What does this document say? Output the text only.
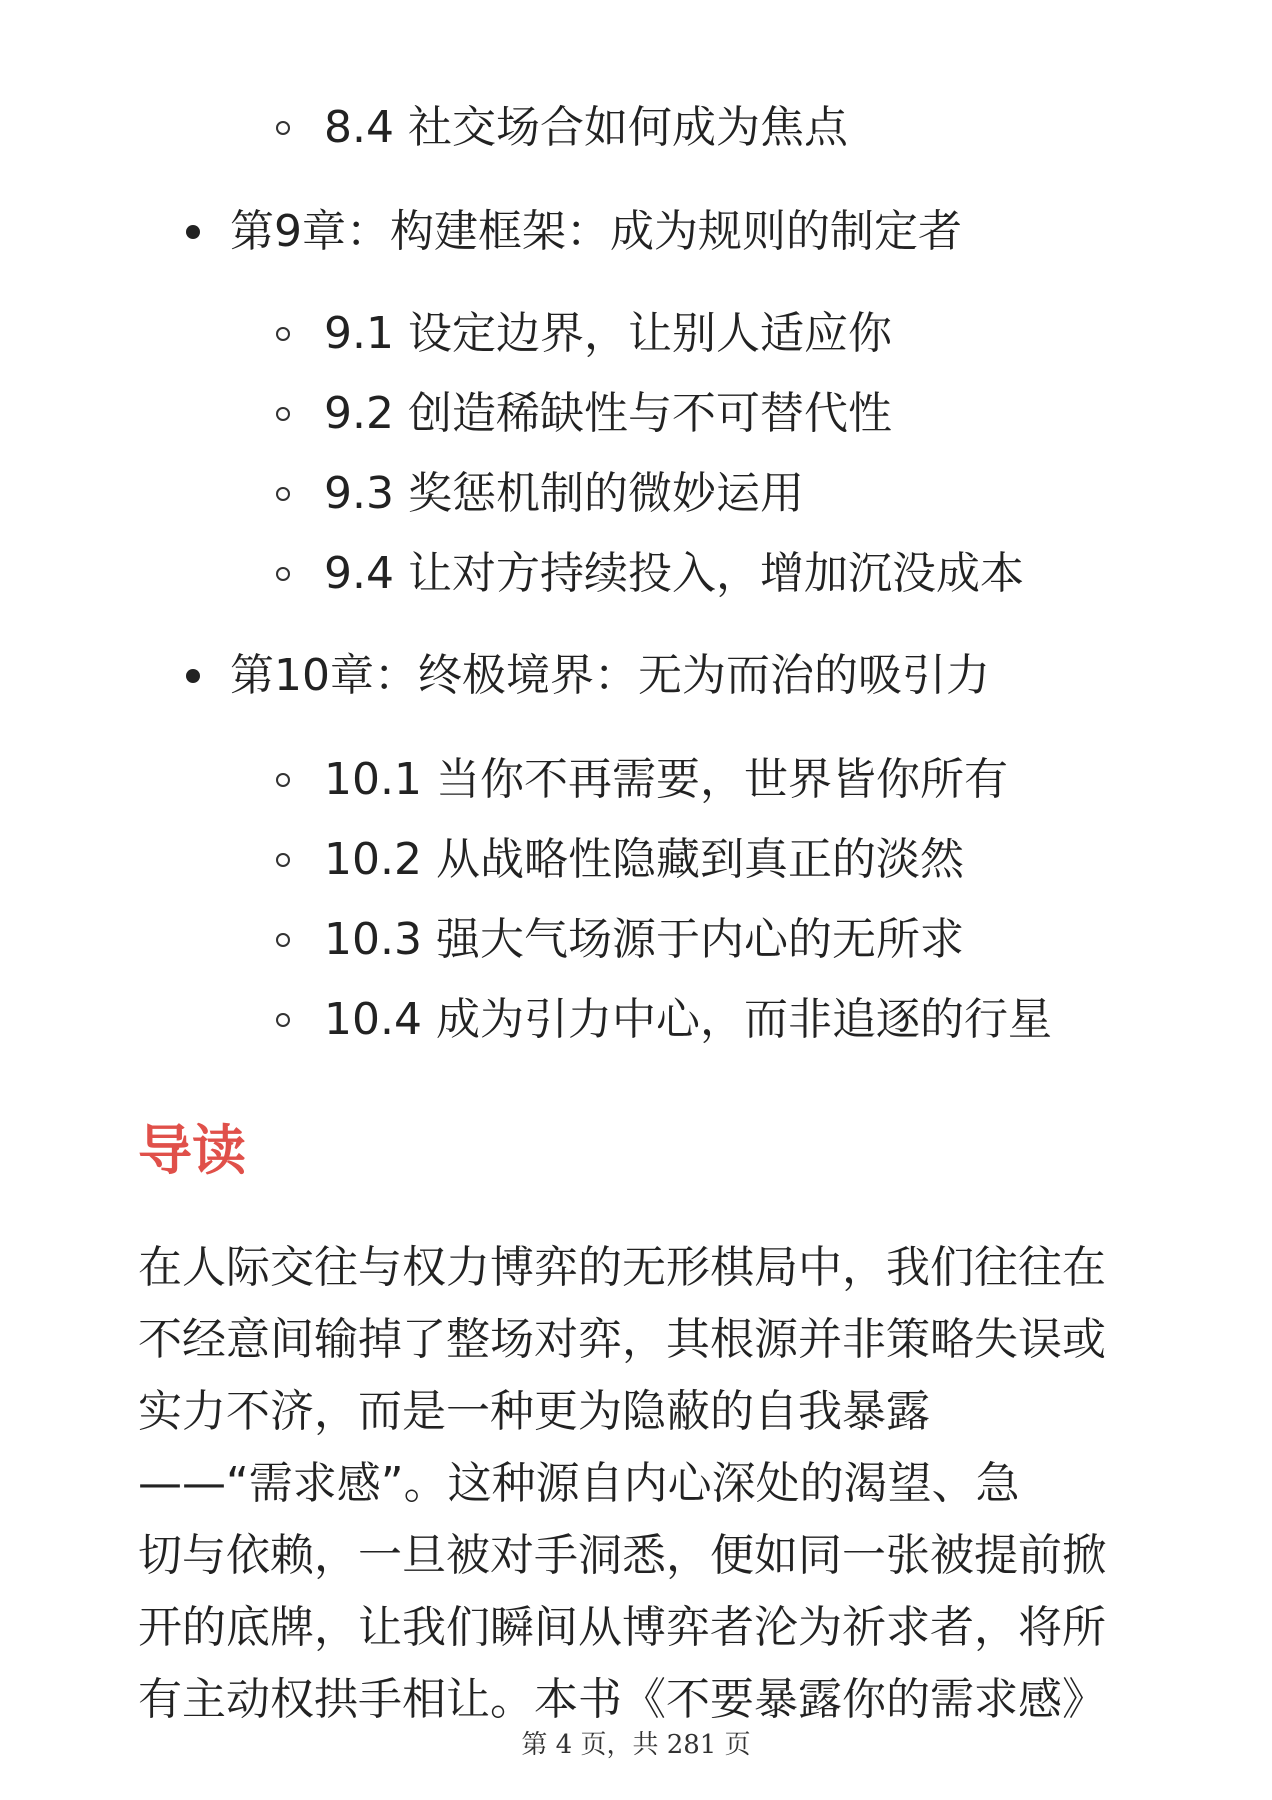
8.4 社交场合如何成为焦点
第9章：构建框架：成为规则的制定者
9.1 设定边界，让别人适应你
9.2 创造稀缺性与不可替代性
9.3 奖惩机制的微妙运用
9.4 让对方持续投入，增加沉没成本
第10章：终极境界：无为而治的吸引力
10.1 当你不再需要，世界皆你所有
10.2 从战略性隐藏到真正的淡然
10.3 强大气场源于内心的无所求
10.4 成为引力中心，而非追逐的行星
导读
在人际交往与权力博弈的无形棋局中，我们往往在
不经意间输掉了整场对弈，其根源并非策略失误或
实力不济，而是一种更为隐蔽的自我暴露
——“需求感”。这种源自内心深处的渴望、急
切与依赖，一旦被对手洞悉，便如同一张被提前掀
开的底牌，让我们瞬间从博弈者沦为祈求者，将所
有主动权拱手相让。本书《不要暴露你的需求感》
第 4 页，共 281 页
